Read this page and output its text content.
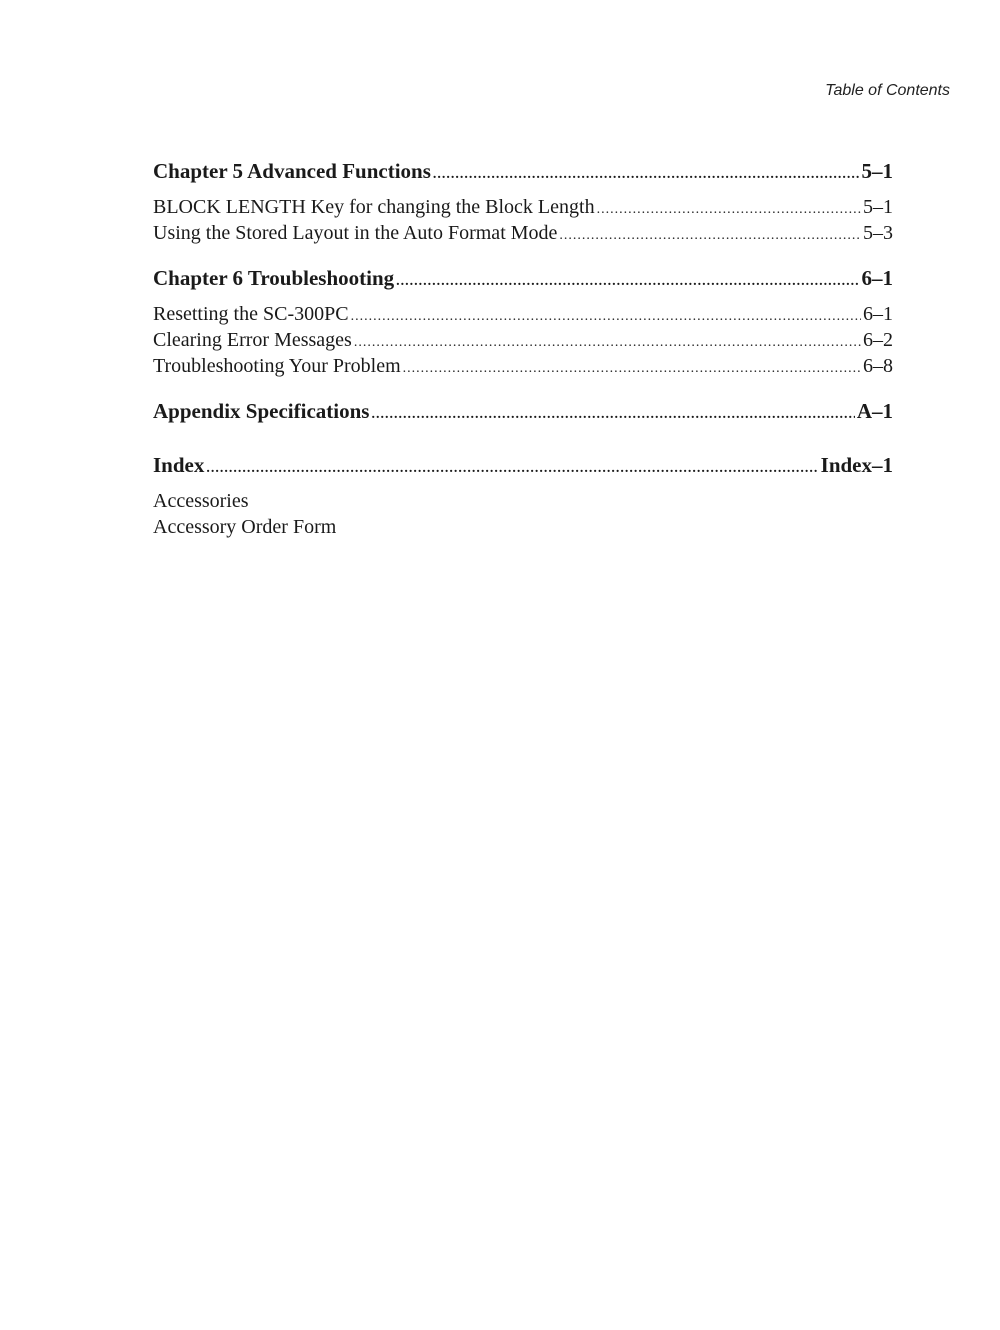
Table of Contents
Chapter 5 Advanced Functions .....	5–1
BLOCK LENGTH Key for changing the Block Length .....	5–1
Using the Stored Layout in the Auto Format Mode .....	5–3
Chapter 6 Troubleshooting .....	6–1
Resetting the SC-300PC .....	6–1
Clearing Error Messages .....	6–2
Troubleshooting Your Problem .....	6–8
Appendix Specifications .....	A–1
Index .....	Index–1
Accessories
Accessory Order Form
